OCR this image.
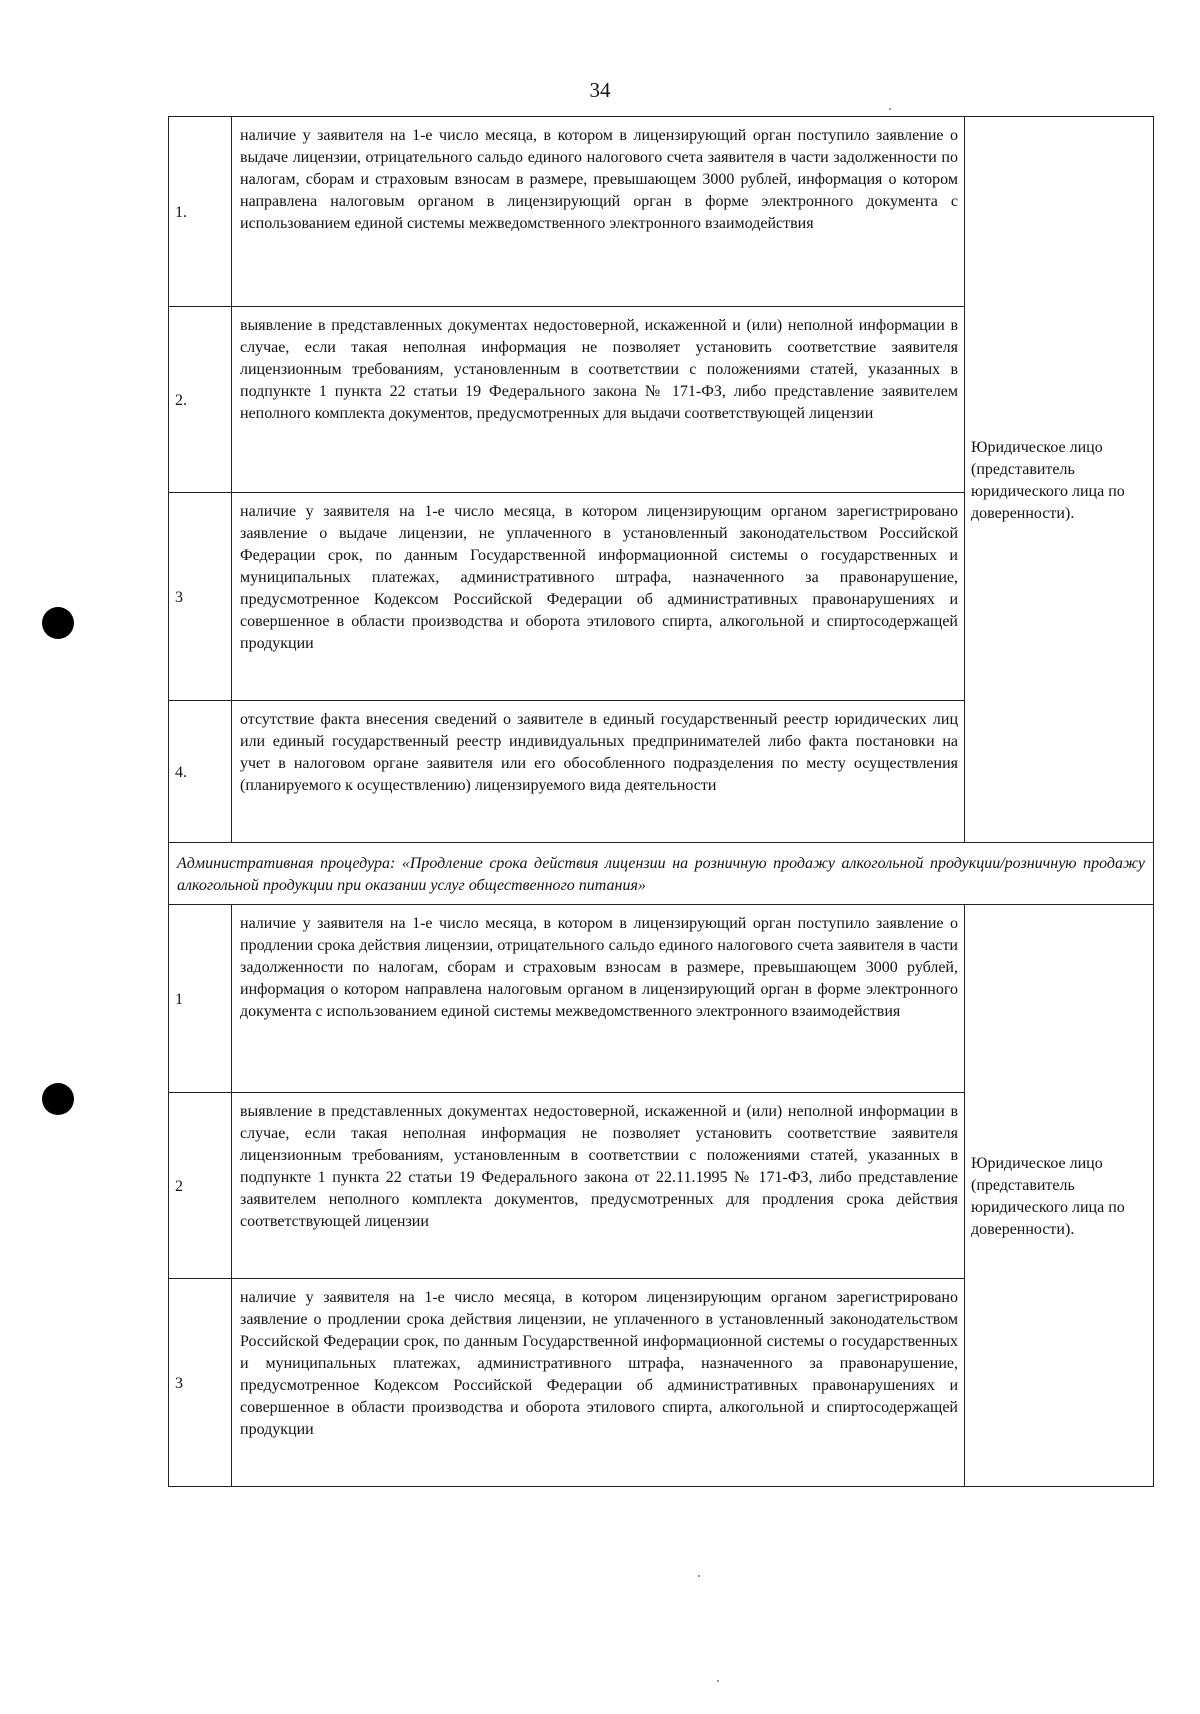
34
1.	наличие у заявителя на 1-е число месяца, в котором в лицензирующий орган поступило заявление о выдаче лицензии, отрицательного сальдо единого налогового счета заявителя в части задолженности по налогам, сборам и страховым взносам в размере, превышающем 3000 рублей, информация о котором направлена налоговым органом в лицензирующий орган в форме электронного документа с использованием единой системы межведомственного электронного взаимодействия	Юридическое лицо (представитель юридического лица по доверенности).
2.	выявление в представленных документах недостоверной, искаженной и (или) неполной информации в случае, если такая неполная информация не позволяет установить соответствие заявителя лицензионным требованиям, установленным в соответствии с положениями статей, указанных в подпункте 1 пункта 22 статьи 19 Федерального закона № 171-ФЗ, либо представление заявителем неполного комплекта документов, предусмотренных для выдачи соответствующей лицензии	
3	наличие у заявителя на 1-е число месяца, в котором лицензирующим органом зарегистрировано заявление о выдаче лицензии, не уплаченного в установленный законодательством Российской Федерации срок, по данным Государственной информационной системы о государственных и муниципальных платежах, административного штрафа, назначенного за правонарушение, предусмотренное Кодексом Российской Федерации об административных правонарушениях и совершенное в области производства и оборота этилового спирта, алкогольной и спиртосодержащей продукции	
4.	отсутствие факта внесения сведений о заявителе в единый государственный реестр юридических лиц или единый государственный реестр индивидуальных предпринимателей либо факта постановки на учет в налоговом органе заявителя или его обособленного подразделения по месту осуществления (планируемого к осуществлению) лицензируемого вида деятельности	
Административная процедура: «Продление срока действия лицензии на розничную продажу алкогольной продукции/розничную продажу алкогольной продукции при оказании услуг общественного питания»		
1	наличие у заявителя на 1-е число месяца, в котором в лицензирующий орган поступило заявление о продлении срока действия лицензии, отрицательного сальдо единого налогового счета заявителя в части задолженности по налогам, сборам и страховым взносам в размере, превышающем 3000 рублей, информация о котором направлена налоговым органом в лицензирующий орган в форме электронного документа с использованием единой системы межведомственного электронного взаимодействия	Юридическое лицо (представитель юридического лица по доверенности).
2	выявление в представленных документах недостоверной, искаженной и (или) неполной информации в случае, если такая неполная информация не позволяет установить соответствие заявителя лицензионным требованиям, установленным в соответствии с положениями статей, указанных в подпункте 1 пункта 22 статьи 19 Федерального закона от 22.11.1995 № 171-ФЗ, либо представление заявителем неполного комплекта документов, предусмотренных для продления срока действия соответствующей лицензии	
3	наличие у заявителя на 1-е число месяца, в котором лицензирующим органом зарегистрировано заявление о продлении срока действия лицензии, не уплаченного в установленный законодательством Российской Федерации срок, по данным Государственной информационной системы о государственных и муниципальных платежах, административного штрафа, назначенного за правонарушение, предусмотренное Кодексом Российской Федерации об административных правонарушениях и совершенное в области производства и оборота этилового спирта, алкогольной и спиртосодержащей продукции	
